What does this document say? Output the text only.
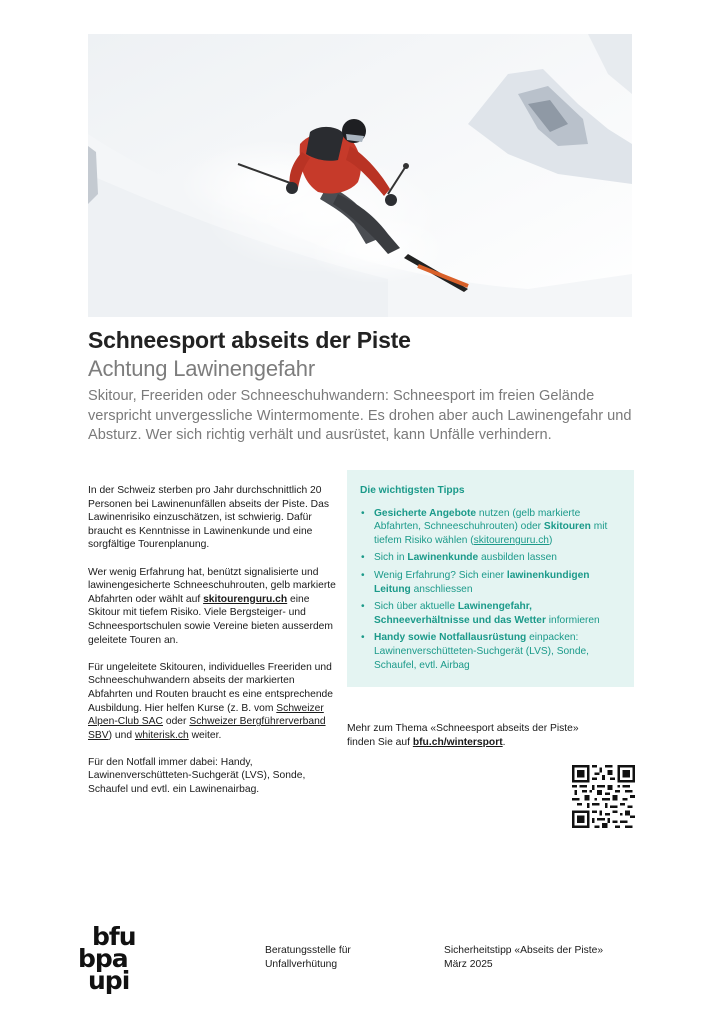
Schneesport abseits der Piste
Achtung Lawinengefahr

Skitour, Freeriden oder Schneeschuhwandern: Schneesport im freien Gelände verspricht unvergessliche Wintermomente. Es drohen aber auch Lawinengefahr und Absturz. Wer sich richtig verhält und ausrüstet, kann Unfälle verhindern.

In der Schweiz sterben pro Jahr durchschnittlich 20 Personen bei Lawinenunfällen abseits der Piste. Das Lawinenrisiko einzuschätzen, ist schwierig. Dafür braucht es Kenntnisse in Lawinenkunde und eine sorgfältige Tourenplanung.

Wer wenig Erfahrung hat, benützt signalisierte und lawinengesicherte Schneeschuhrouten, gelb markierte Abfahrten oder wählt auf skitourenguru.ch eine Skitour mit tiefem Risiko. Viele Bergsteiger- und Schneesportschulen sowie Vereine bieten ausserdem geleitete Touren an.

Für ungeleitete Skitouren, individuelles Freeriden und Schneeschuhwandern abseits der markierten Abfahrten und Routen braucht es eine entsprechende Ausbildung. Hier helfen Kurse (z. B. vom Schweizer Alpen-Club SAC oder Schweizer Bergführerverband SBV) und whiterisk.ch weiter.

Für den Notfall immer dabei: Handy, Lawinenverschütteten-Suchgerät (LVS), Sonde, Schaufel und evtl. ein Lawinenairbag.

Die wichtigsten Tipps

• Gesicherte Angebote nutzen (gelb markierte Abfahrten, Schneeschuhrouten) oder Skitouren mit tiefem Risiko wählen (skitourenguru.ch)
• Sich in Lawinenkunde ausbilden lassen
• Wenig Erfahrung? Sich einer lawinenkundigen Leitung anschliessen
• Sich über aktuelle Lawinengefahr, Schneeverhältnisse und das Wetter informieren
• Handy sowie Notfallausrüstung einpacken: Lawinenverschütteten-Suchgerät (LVS), Sonde, Schaufel, evtl. Airbag
Mehr zum Thema «Schneesport abseits der Piste»
finden Sie auf bfu.ch/wintersport.
bfu
bpa
upi
Beratungsstelle für
Unfallverhütung
Sicherheitstipp «Abseits der Piste»
März 2025
